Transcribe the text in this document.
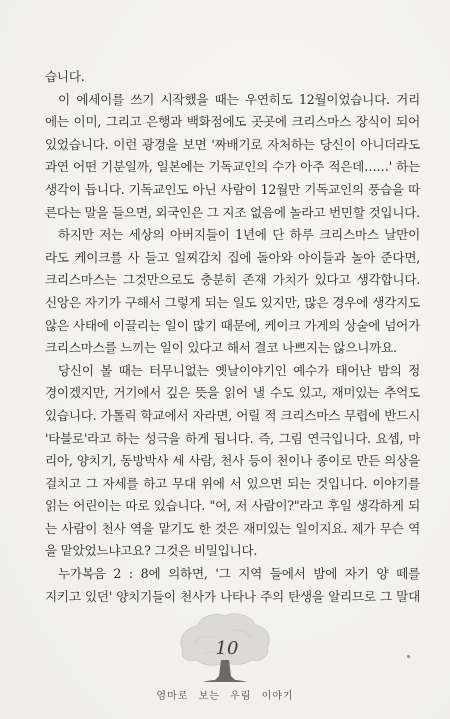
습니다.
이 에세이를 쓰기 시작했을 때는 우연히도 12월이었습니다. 거리
에는 이미, 그리고 은행과 백화점에도 곳곳에 크리스마스 장식이 되어
있었습니다. 이런 광경을 보면 '짜배기로 자처하는 당신이 아니더라도
과연 어떤 기분일까, 일본에는 기독교인의 수가 아주 적은데……' 하는
생각이 듭니다. 기독교인도 아닌 사람이 12월만 기독교인의 풍습을 따
른다는 말을 들으면, 외국인은 그 지조 없음에 놀라고 번민할 것입니다.
하지만 저는 세상의 아버지들이 1년에 단 하루 크리스마스 날만이
라도 케이크를 사 들고 일찌감치 집에 돌아와 아이들과 놀아 준다면,
크리스마스는 그것만으로도 충분히 존재 가치가 있다고 생각합니다.
신앙은 자기가 구해서 그렇게 되는 일도 있지만, 많은 경우에 생각지도
않은 사태에 이끌리는 일이 많기 때문에, 케이크 가게의 상술에 넘어가
크리스마스를 느끼는 일이 있다고 해서 결코 나쁘지는 않으니까요.
당신이 볼 때는 터무니없는 옛날이야기인 예수가 태어난 밤의 정
경이겠지만, 거기에서 깊은 뜻을 읽어 낼 수도 있고, 재미있는 추억도
있습니다. 가톨릭 학교에서 자라면, 어릴 적 크리스마스 무렵에 반드시
'타블로'라고 하는 성극을 하게 됩니다. 즉, 그림 연극입니다. 요셉, 마
리아, 양치기, 동방박사 세 사람, 천사 등이 천이나 종이로 만든 의상을
걸치고 그 자세를 하고 무대 위에 서 있으면 되는 것입니다. 이야기를
읽는 어린이는 따로 있습니다. "어, 저 사람이?"라고 후일 생각하게 되
는 사람이 천사 역을 맡기도 한 것은 재미있는 일이지요. 제가 무슨 역
을 맡았었느냐고요? 그것은 비밀입니다.
누가복음 2 : 8에 의하면, '그 지역 들에서 밤에 자기 양 떼를
지키고 있던' 양치기들이 천사가 나타나 주의 탄생을 알리므로 그 말대
10
엄마로 보는 우림 이야기
